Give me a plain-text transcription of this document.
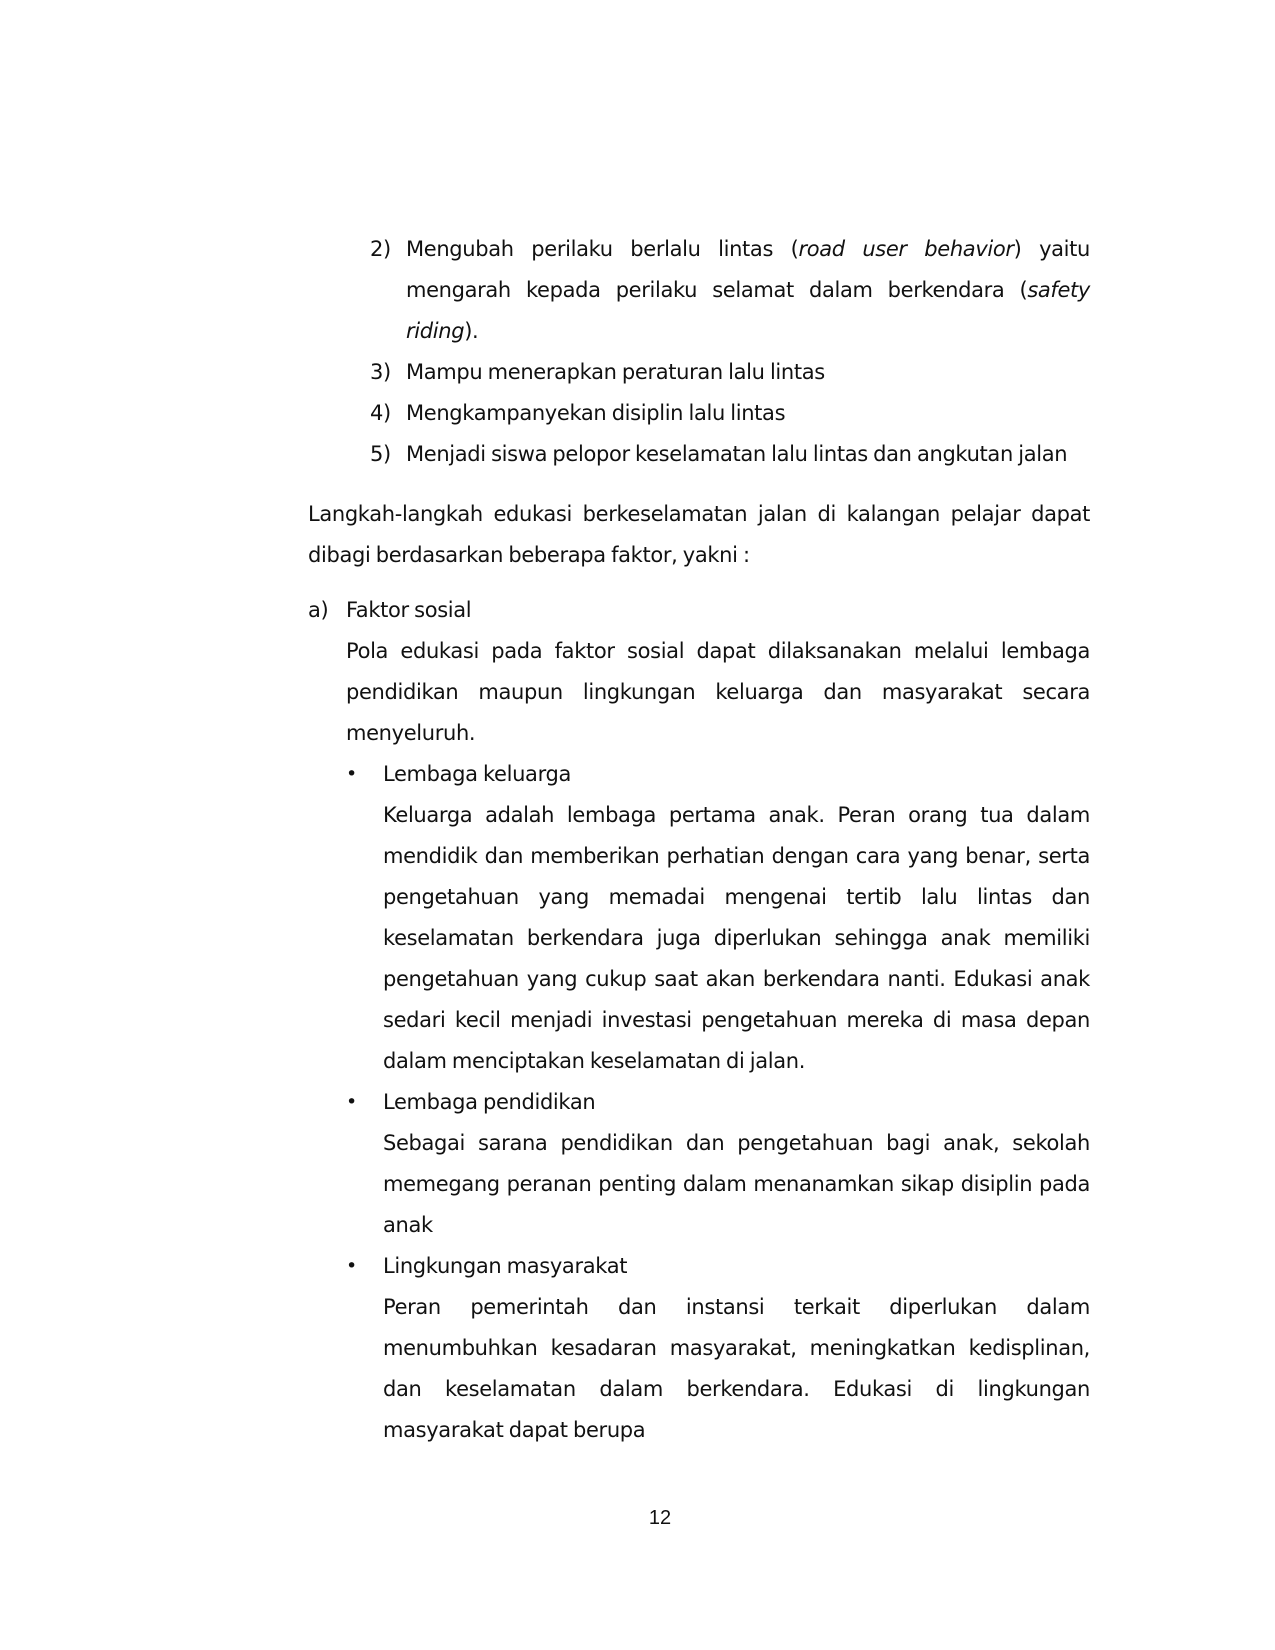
2) Mengubah perilaku berlalu lintas (road user behavior) yaitu mengarah kepada perilaku selamat dalam berkendara (safety riding).
3) Mampu menerapkan peraturan lalu lintas
4) Mengkampanyekan disiplin lalu lintas
5) Menjadi siswa pelopor keselamatan lalu lintas dan angkutan jalan

Langkah-langkah edukasi berkeselamatan jalan di kalangan pelajar dapat dibagi berdasarkan beberapa faktor, yakni :

a) Faktor sosial
Pola edukasi pada faktor sosial dapat dilaksanakan melalui lembaga pendidikan maupun lingkungan keluarga dan masyarakat secara menyeluruh.
•	Lembaga keluarga
Keluarga adalah lembaga pertama anak. Peran orang tua dalam mendidik dan memberikan perhatian dengan cara yang benar, serta pengetahuan yang memadai mengenai tertib lalu lintas dan keselamatan berkendara juga diperlukan sehingga anak memiliki pengetahuan yang cukup saat akan berkendara nanti. Edukasi anak sedari kecil menjadi investasi pengetahuan mereka di masa depan dalam menciptakan keselamatan di jalan.
•	Lembaga pendidikan
Sebagai sarana pendidikan dan pengetahuan bagi anak, sekolah memegang peranan penting dalam menanamkan sikap disiplin pada anak
•	Lingkungan masyarakat
Peran pemerintah dan instansi terkait diperlukan dalam menumbuhkan kesadaran masyarakat, meningkatkan kedisplinan, dan keselamatan dalam berkendara. Edukasi di lingkungan masyarakat dapat berupa
12
